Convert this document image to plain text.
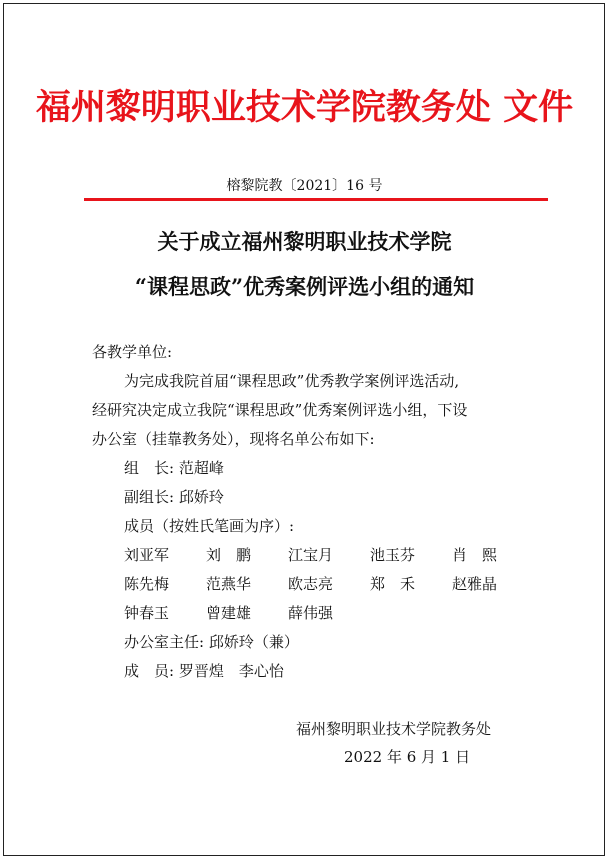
福州黎明职业技术学院教务处 文件
榕黎院教〔2021〕16 号
关于成立福州黎明职业技术学院
“课程思政”优秀案例评选小组的通知
各教学单位:
为完成我院首届“课程思政”优秀教学案例评选活动,
经研究决定成立我院“课程思政”优秀案例评选小组，下设
办公室（挂靠教务处），现将名单公布如下:
组　长: 范超峰
副组长: 邱娇玲
成员（按姓氏笔画为序）:
刘亚军 刘　鹏 江宝月 池玉芬 肖　熙
陈先梅 范燕华 欧志亮 郑　禾 赵雅晶
钟春玉 曾建雄 薛伟强
办公室主任: 邱娇玲（兼）
成　员: 罗晋煌　李心怡
福州黎明职业技术学院教务处
2022 年 6 月 1 日
